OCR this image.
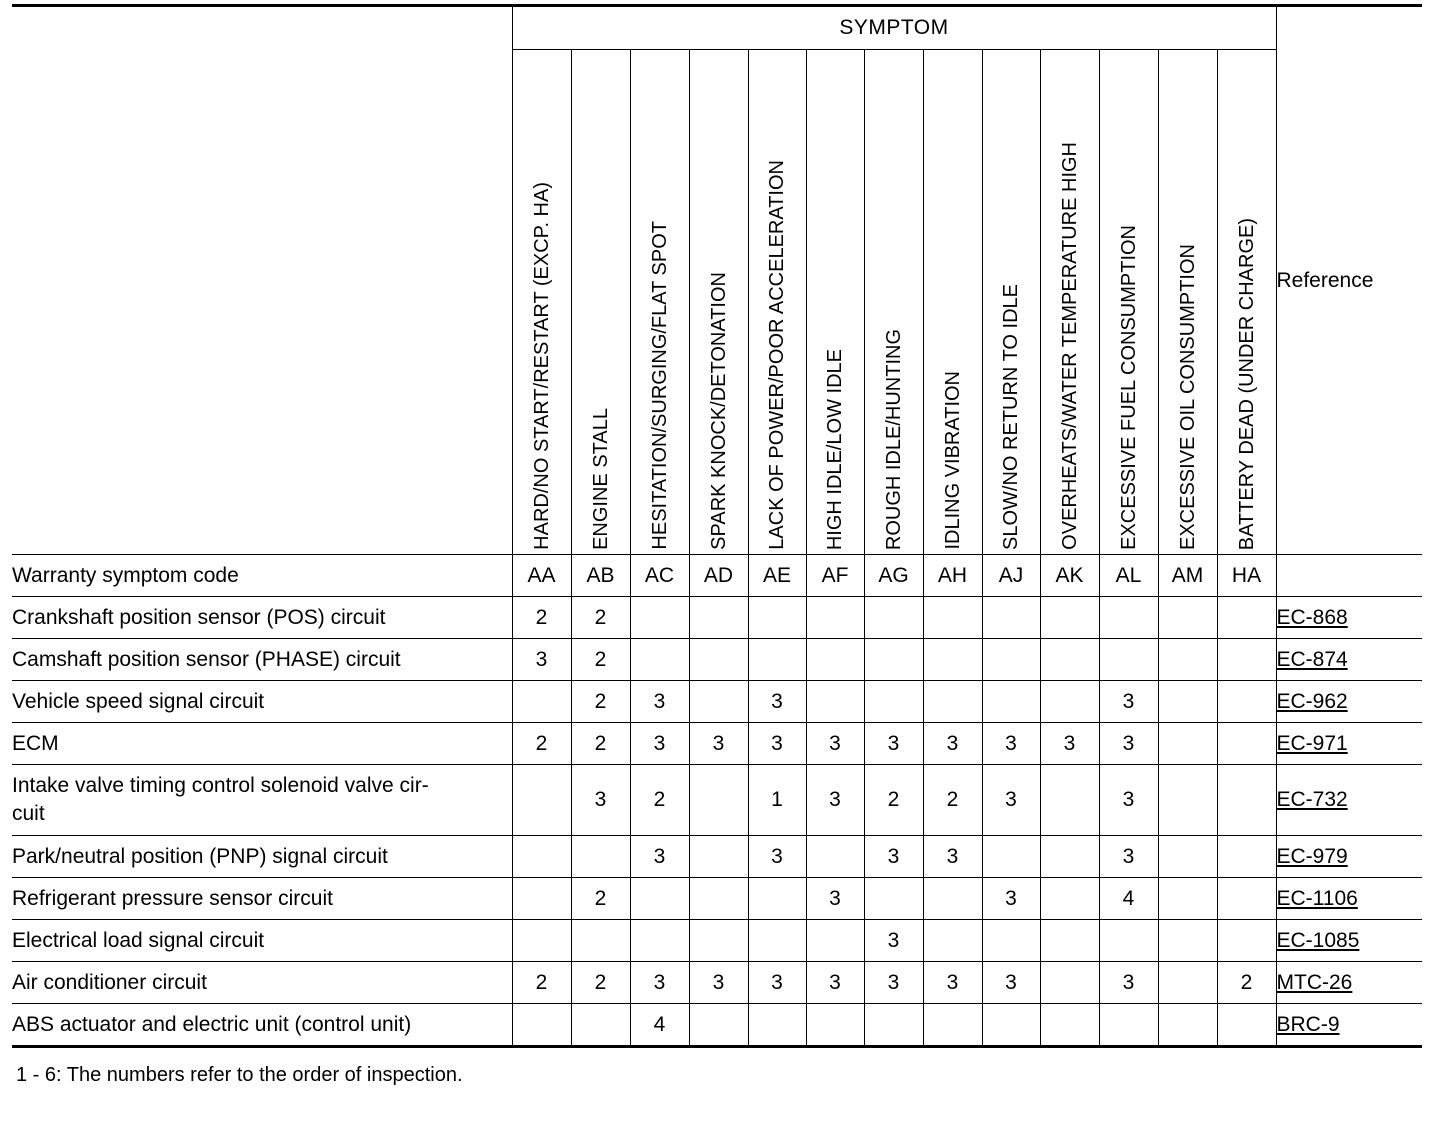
	SYMPTOM													Reference

	HARD/NO START/RESTART (EXCP. HA)	ENGINE STALL	HESITATION/SURGING/FLAT SPOT	SPARK KNOCK/DETONATION	LACK OF POWER/POOR ACCELERATION	HIGH IDLE/LOW IDLE	ROUGH IDLE/HUNTING	IDLING VIBRATION	SLOW/NO RETURN TO IDLE	OVERHEATS/WATER TEMPERATURE HIGH	EXCESSIVE FUEL CONSUMPTION	EXCESSIVE OIL CONSUMPTION	BATTERY DEAD (UNDER CHARGE)	

Warranty symptom code	AA	AB	AC	AD	AE	AF	AG	AH	AJ	AK	AL	AM	HA	
Crankshaft position sensor (POS) circuit	2	2												EC-868
Camshaft position sensor (PHASE) circuit	3	2												EC-874
Vehicle speed signal circuit		2	3		3						3			EC-962
ECM	2	2	3	3	3	3	3	3	3	3	3			EC-971
Intake valve timing control solenoid valve cir-
cuit		3	2		1	3	2	2	3		3			EC-732
Park/neutral position (PNP) signal circuit			3		3		3	3			3			EC-979
Refrigerant pressure sensor circuit		2				3			3		4			EC-1106
Electrical load signal circuit							3							EC-1085
Air conditioner circuit	2	2	3	3	3	3	3	3	3		3		2	MTC-26
ABS actuator and electric unit (control unit)			4											BRC-9
1 - 6: The numbers refer to the order of inspection.
